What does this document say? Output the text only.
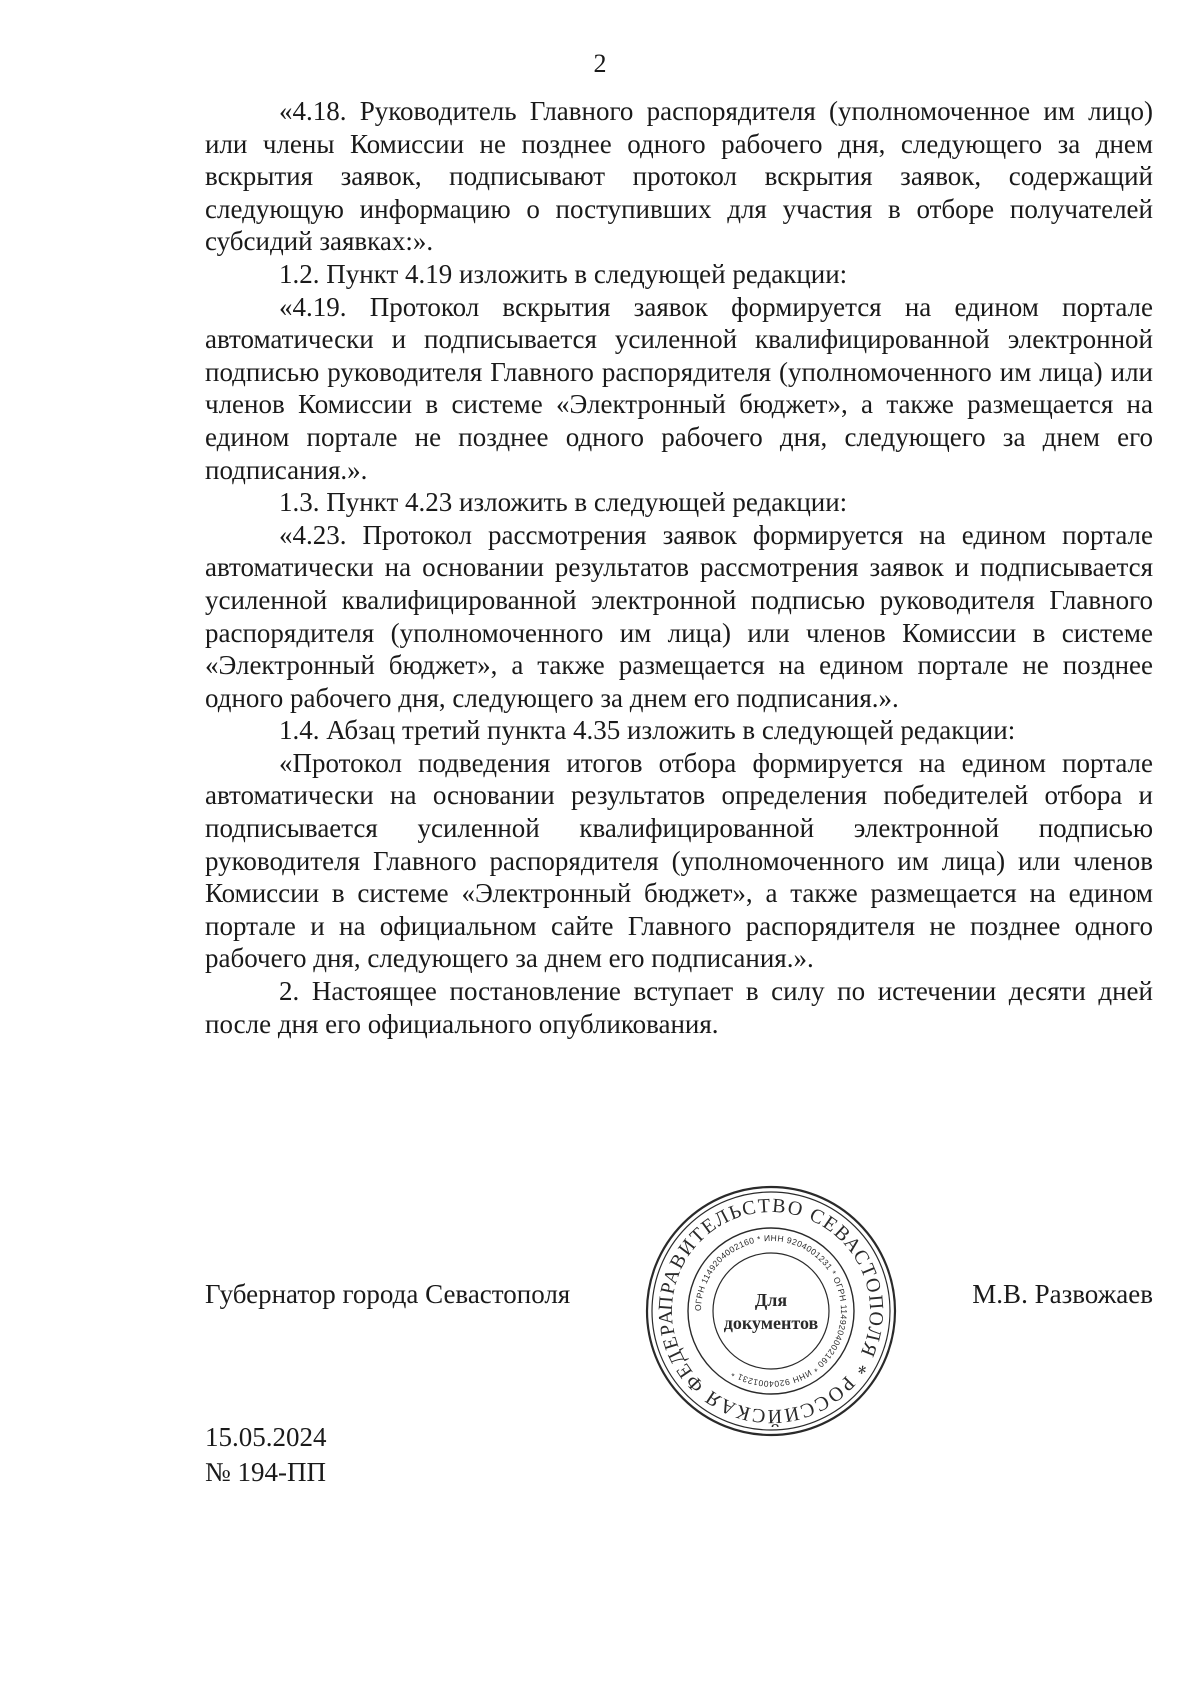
2

«4.18. Руководитель Главного распорядителя (уполномоченное им лицо) или члены Комиссии не позднее одного рабочего дня, следующего за днем вскрытия заявок, подписывают протокол вскрытия заявок, содержащий следующую информацию о поступивших для участия в отборе получателей субсидий заявках:».

1.2. Пункт 4.19 изложить в следующей редакции:

«4.19. Протокол вскрытия заявок формируется на едином портале автоматически и подписывается усиленной квалифицированной электронной подписью руководителя Главного распорядителя (уполномоченного им лица) или членов Комиссии в системе «Электронный бюджет», а также размещается на едином портале не позднее одного рабочего дня, следующего за днем его подписания.».

1.3. Пункт 4.23 изложить в следующей редакции:

«4.23. Протокол рассмотрения заявок формируется на едином портале автоматически на основании результатов рассмотрения заявок и подписывается усиленной квалифицированной электронной подписью руководителя Главного распорядителя (уполномоченного им лица) или членов Комиссии в системе «Электронный бюджет», а также размещается на едином портале не позднее одного рабочего дня, следующего за днем его подписания.».

1.4. Абзац третий пункта 4.35 изложить в следующей редакции:

«Протокол подведения итогов отбора формируется на едином портале автоматически на основании результатов определения победителей отбора и подписывается усиленной квалифицированной электронной подписью руководителя Главного распорядителя (уполномоченного им лица) или членов Комиссии в системе «Электронный бюджет», а также размещается на едином портале и на официальном сайте Главного распорядителя не позднее одного рабочего дня, следующего за днем его подписания.».

2. Настоящее постановление вступает в силу по истечении десяти дней после дня его официального опубликования.

Губернатор города Севастополя	М.В. Развожаев
ПРАВИТЕЛЬСТВО СЕВАСТОПОЛЯ * РОССИЙСКАЯ ФЕДЕРА
ОГРН 1149204002160 * ИНН 9204001231 * ОГРН 1149204002160 * ИНН 9204001231 *
Для
документов
15.05.2024
№ 194-ПП
